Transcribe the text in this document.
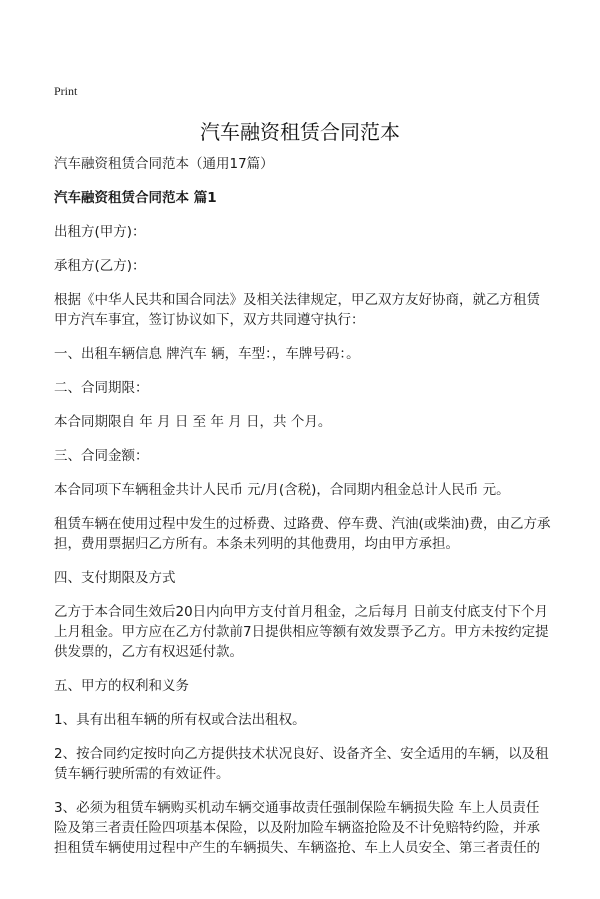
Print
汽车融资租赁合同范本

汽车融资租赁合同范本（通用17篇）

汽车融资租赁合同范本 篇1

出租方(甲方)：

承租方(乙方)：

根据《中华人民共和国合同法》及相关法律规定，甲乙双方友好协商，就乙方租赁甲方汽车事宜，签订协议如下，双方共同遵守执行：

一、出租车辆信息 牌汽车 辆，车型：，车牌号码：。

二、合同期限：

本合同期限自 年 月 日 至 年 月 日，共 个月。

三、合同金额：

本合同项下车辆租金共计人民币 元/月(含税)，合同期内租金总计人民币 元。

租赁车辆在使用过程中发生的过桥费、过路费、停车费、汽油(或柴油)费，由乙方承担，费用票据归乙方所有。本条未列明的其他费用，均由甲方承担。

四、支付期限及方式

乙方于本合同生效后20日内向甲方支付首月租金，之后每月 日前支付底支付下个月上月租金。甲方应在乙方付款前7日提供相应等额有效发票予乙方。甲方未按约定提供发票的，乙方有权迟延付款。

五、甲方的权利和义务

1、具有出租车辆的所有权或合法出租权。

2、按合同约定按时向乙方提供技术状况良好、设备齐全、安全适用的车辆，以及租赁车辆行驶所需的有效证件。

3、必须为租赁车辆购买机动车辆交通事故责任强制保险车辆损失险 车上人员责任险及第三者责任险四项基本保险，以及附加险车辆盗抢险及不计免赔特约险，并承担租赁车辆使用过程中产生的车辆损失、车辆盗抢、车上人员安全、第三者责任的
